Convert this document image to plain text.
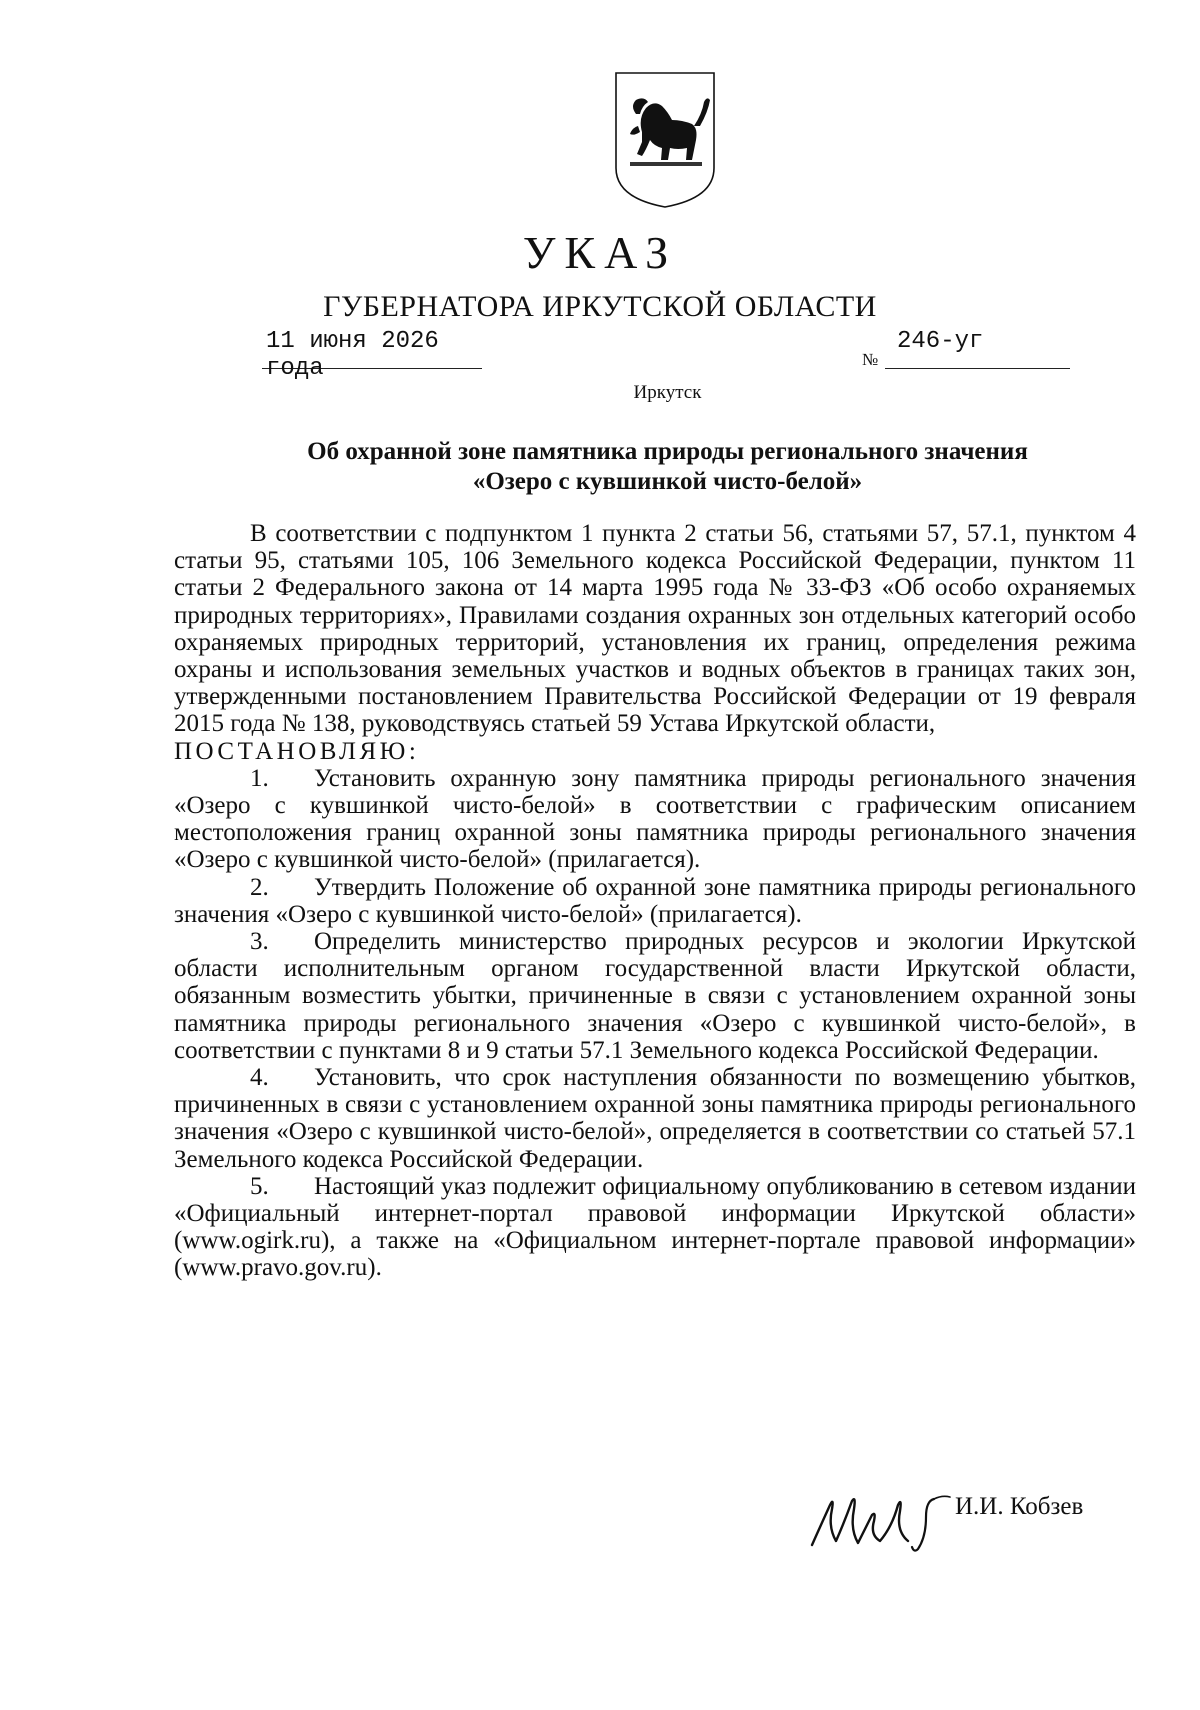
УКАЗ
ГУБЕРНАТОРА ИРКУТСКОЙ ОБЛАСТИ
11 июня 2026 года	№
246-уг
Иркутск
Об охранной зоне памятника природы регионального значения
«Озеро с кувшинкой чисто-белой»

В соответствии с подпунктом 1 пункта 2 статьи 56, статьями 57, 57.1, пунктом 4 статьи 95, статьями 105, 106 Земельного кодекса Российской Федерации, пунктом 11 статьи 2 Федерального закона от 14 марта 1995 года № 33-ФЗ «Об особо охраняемых природных территориях», Правилами создания охранных зон отдельных категорий особо охраняемых природных территорий, установления их границ, определения режима охраны и использования земельных участков и водных объектов в границах таких зон, утвержденными постановлением Правительства Российской Федерации от 19 февраля 2015 года № 138, руководствуясь статьей 59 Устава Иркутской области,

ПОСТАНОВЛЯЮ:

1. Установить охранную зону памятника природы регионального значения «Озеро с кувшинкой чисто-белой» в соответствии с графическим описанием местоположения границ охранной зоны памятника природы регионального значения «Озеро с кувшинкой чисто-белой» (прилагается).

2. Утвердить Положение об охранной зоне памятника природы регионального значения «Озеро с кувшинкой чисто-белой» (прилагается).

3. Определить министерство природных ресурсов и экологии Иркутской области исполнительным органом государственной власти Иркутской области, обязанным возместить убытки, причиненные в связи с установлением охранной зоны памятника природы регионального значения «Озеро с кувшинкой чисто-белой», в соответствии с пунктами 8 и 9 статьи 57.1 Земельного кодекса Российской Федерации.

4. Установить, что срок наступления обязанности по возмещению убытков, причиненных в связи с установлением охранной зоны памятника природы регионального значения «Озеро с кувшинкой чисто-белой», определяется в соответствии со статьей 57.1 Земельного кодекса Российской Федерации.

5. Настоящий указ подлежит официальному опубликованию в сетевом издании «Официальный интернет-портал правовой информации Иркутской области» (www.ogirk.ru), а также на «Официальном интернет-портале правовой информации» (www.pravo.gov.ru).

И.И. Кобзев
